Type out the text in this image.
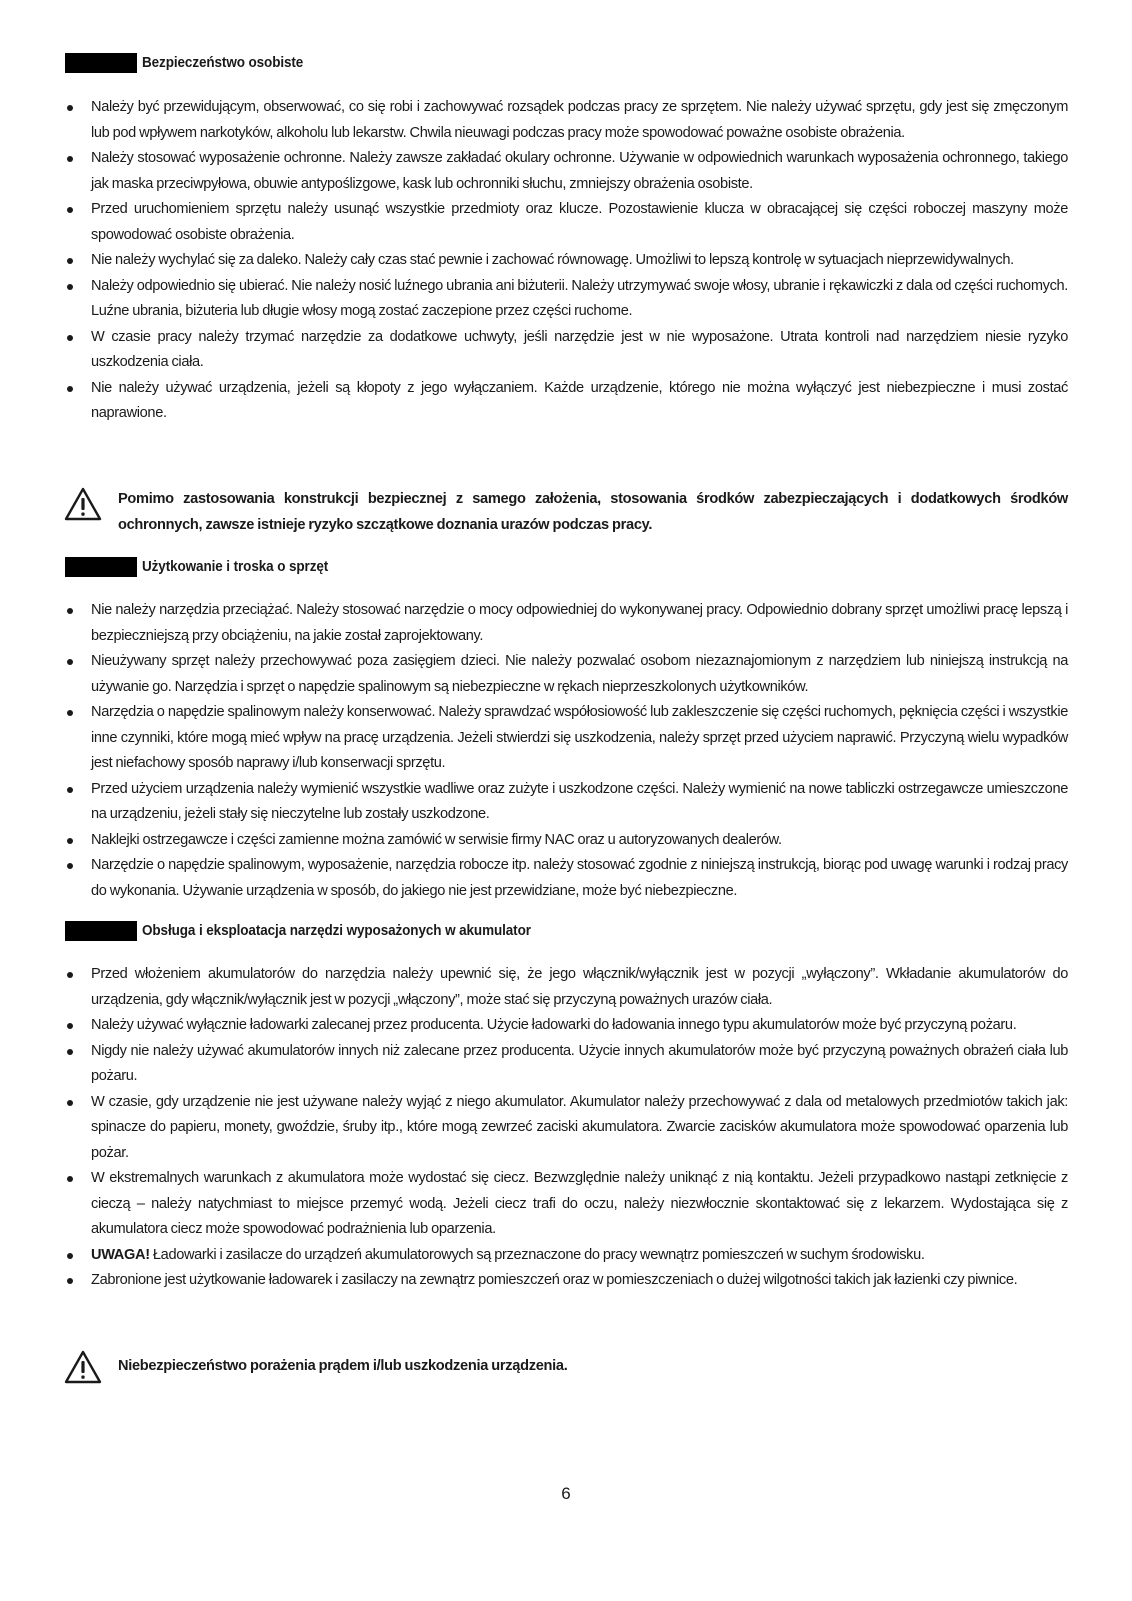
Bezpieczeństwo osobiste
Należy być przewidującym, obserwować, co się robi i zachowywać rozsądek podczas pracy ze sprzętem. Nie należy używać sprzętu, gdy jest się zmęczonym lub pod wpływem narkotyków, alkoholu lub lekarstw. Chwila nieuwagi podczas pracy może spowodować poważne osobiste obrażenia.
Należy stosować wyposażenie ochronne. Należy zawsze zakładać okulary ochronne. Używanie w odpowiednich warunkach wyposażenia ochronnego, takiego jak maska przeciwpyłowa, obuwie antypoślizgowe, kask lub ochronniki słuchu, zmniejszy obrażenia osobiste.
Przed uruchomieniem sprzętu należy usunąć wszystkie przedmioty oraz klucze. Pozostawienie klucza w obracającej się części roboczej maszyny może spowodować osobiste obrażenia.
Nie należy wychylać się za daleko. Należy cały czas stać pewnie i zachować równowagę. Umożliwi to lepszą kontrolę w sytuacjach nieprzewidywalnych.
Należy odpowiednio się ubierać. Nie należy nosić luźnego ubrania ani biżuterii. Należy utrzymywać swoje włosy, ubranie i rękawiczki z dala od części ruchomych. Luźne ubrania, biżuteria lub długie włosy mogą zostać zaczepione przez części ruchome.
W czasie pracy należy trzymać narzędzie za dodatkowe uchwyty, jeśli narzędzie jest w nie wyposażone. Utrata kontroli nad narzędziem niesie ryzyko uszkodzenia ciała.
Nie należy używać urządzenia, jeżeli są kłopoty z jego wyłączaniem. Każde urządzenie, którego nie można wyłączyć jest niebezpieczne i musi zostać naprawione.
Pomimo zastosowania konstrukcji bezpiecznej z samego założenia, stosowania środków zabezpieczających i dodatkowych środków ochronnych, zawsze istnieje ryzyko szczątkowe doznania urazów podczas pracy.
Użytkowanie i troska o sprzęt
Nie należy narzędzia przeciążać. Należy stosować narzędzie o mocy odpowiedniej do wykonywanej pracy. Odpowiednio dobrany sprzęt umożliwi pracę lepszą i bezpieczniejszą przy obciążeniu, na jakie został zaprojektowany.
Nieużywany sprzęt należy przechowywać poza zasięgiem dzieci. Nie należy pozwalać osobom niezaznajomionym z narzędziem lub niniejszą instrukcją na używanie go. Narzędzia i sprzęt o napędzie spalinowym są niebezpieczne w rękach nieprzeszkolonych użytkowników.
Narzędzia o napędzie spalinowym należy konserwować. Należy sprawdzać współosiowość lub zakleszczenie się części ruchomych, pęknięcia części i wszystkie inne czynniki, które mogą mieć wpływ na pracę urządzenia. Jeżeli stwierdzi się uszkodzenia, należy sprzęt przed użyciem naprawić. Przyczyną wielu wypadków jest niefachowy sposób naprawy i/lub konserwacji sprzętu.
Przed użyciem urządzenia należy wymienić wszystkie wadliwe oraz zużyte i uszkodzone części. Należy wymienić na nowe tabliczki ostrzegawcze umieszczone na urządzeniu, jeżeli stały się nieczytelne lub zostały uszkodzone.
Naklejki ostrzegawcze i części zamienne można zamówić w serwisie firmy NAC oraz u autoryzowanych dealerów.
Narzędzie o napędzie spalinowym, wyposażenie, narzędzia robocze itp. należy stosować zgodnie z niniejszą instrukcją, biorąc pod uwagę warunki i rodzaj pracy do wykonania. Używanie urządzenia w sposób, do jakiego nie jest przewidziane, może być niebezpieczne.
Obsługa i eksploatacja narzędzi wyposażonych w akumulator
Przed włożeniem akumulatorów do narzędzia należy upewnić się, że jego włącznik/wyłącznik jest w pozycji „wyłączony”. Wkładanie akumulatorów do urządzenia, gdy włącznik/wyłącznik jest w pozycji „włączony”, może stać się przyczyną poważnych urazów ciała.
Należy używać wyłącznie ładowarki zalecanej przez producenta. Użycie ładowarki do ładowania innego typu akumulatorów może być przyczyną pożaru.
Nigdy nie należy używać akumulatorów innych niż zalecane przez producenta. Użycie innych akumulatorów może być przyczyną poważnych obrażeń ciała lub pożaru.
W czasie, gdy urządzenie nie jest używane należy wyjąć z niego akumulator. Akumulator należy przechowywać z dala od metalowych przedmiotów takich jak: spinacze do papieru, monety, gwoździe, śruby itp., które mogą zewrzeć zaciski akumulatora. Zwarcie zacisków akumulatora może spowodować oparzenia lub pożar.
W ekstremalnych warunkach z akumulatora może wydostać się ciecz. Bezwzględnie należy uniknąć z nią kontaktu. Jeżeli przypadkowo nastąpi zetknięcie z cieczą – należy natychmiast to miejsce przemyć wodą. Jeżeli ciecz trafi do oczu, należy niezwłocznie skontaktować się z lekarzem. Wydostająca się z akumulatora ciecz może spowodować podrażnienia lub oparzenia.
UWAGA! Ładowarki i zasilacze do urządzeń akumulatorowych są przeznaczone do pracy wewnątrz pomieszczeń w suchym środowisku.
Zabronione jest użytkowanie ładowarek i zasilaczy na zewnątrz pomieszczeń oraz w pomieszczeniach o dużej wilgotności takich jak łazienki czy piwnice.
Niebezpieczeństwo porażenia prądem i/lub uszkodzenia urządzenia.
6
